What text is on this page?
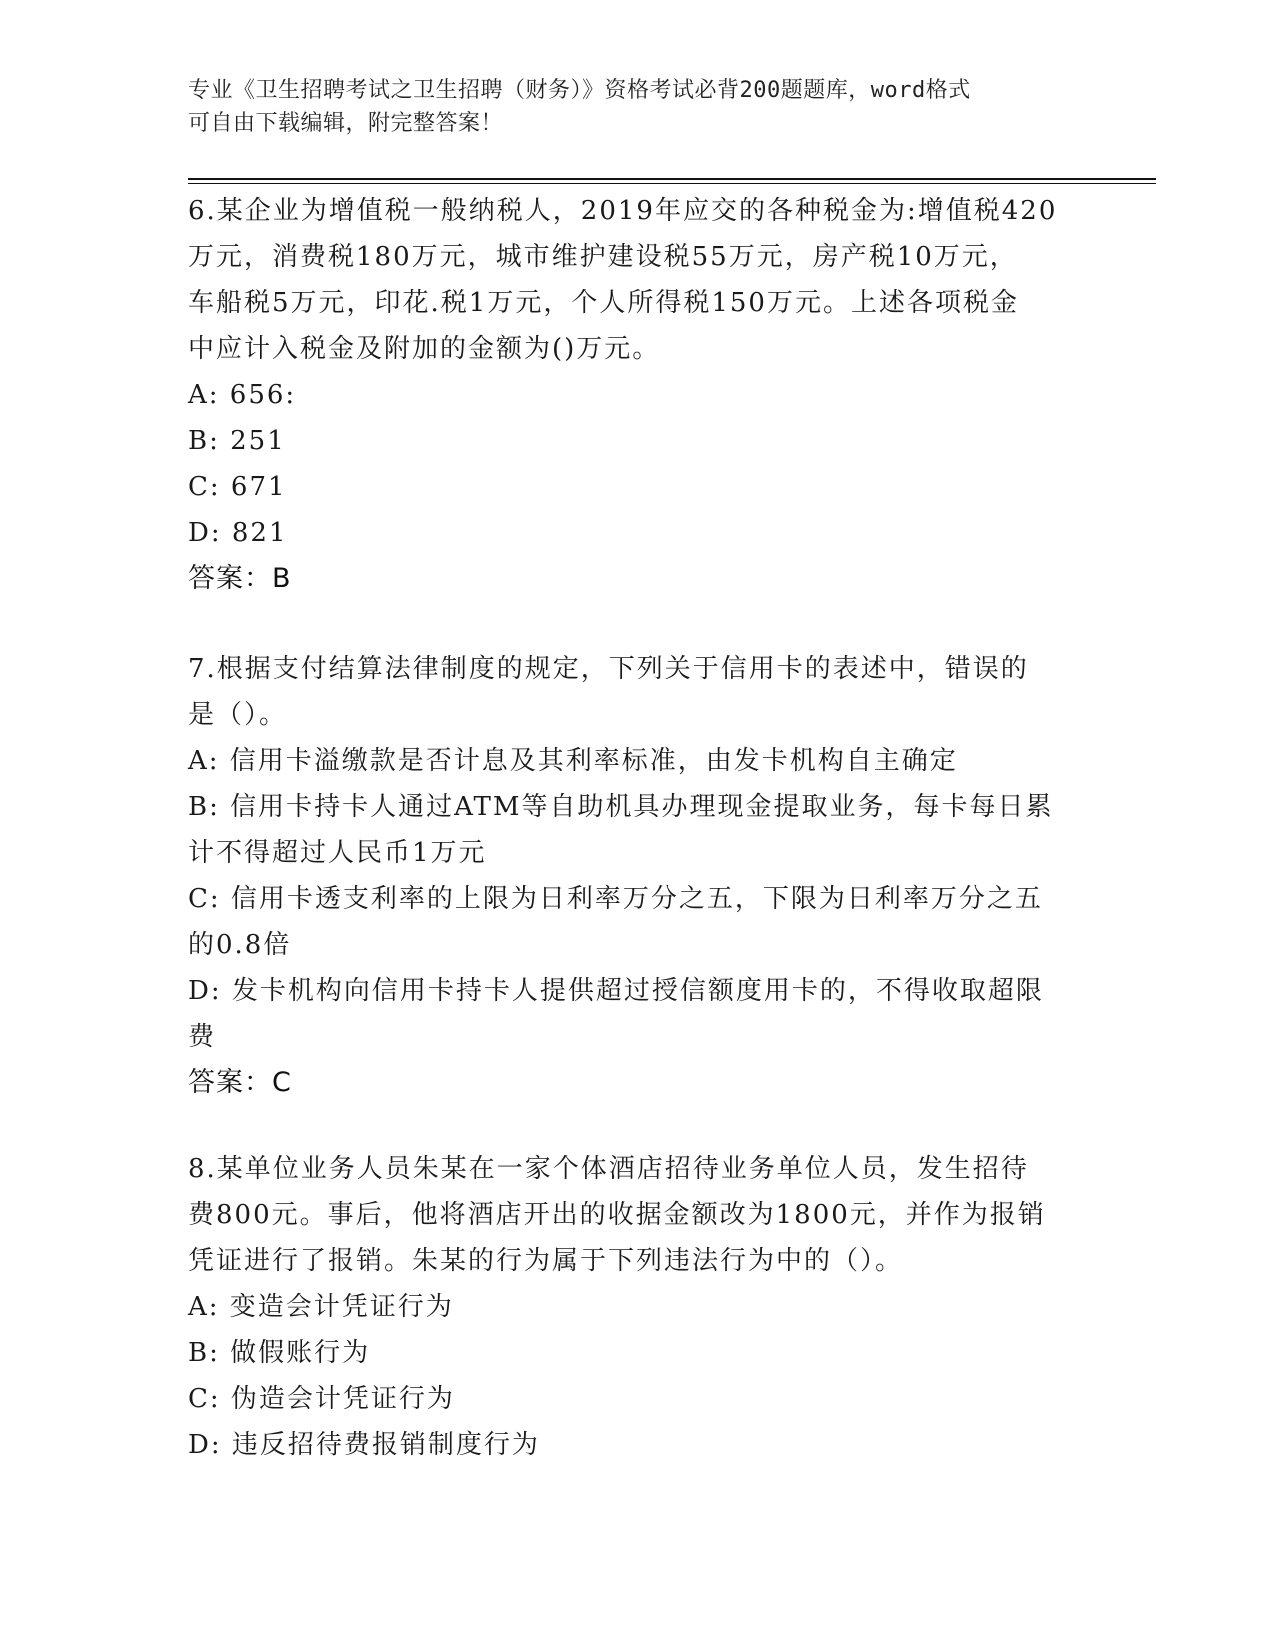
专业《卫生招聘考试之卫生招聘（财务）》资格考试必背200题题库，word格式
可自由下载编辑，附完整答案！
6.某企业为增值税一般纳税人，2019年应交的各种税金为:增值税420
万元，消费税180万元，城市维护建设税55万元，房产税10万元，
车船税5万元，印花.税1万元，个人所得税150万元。上述各项税金
中应计入税金及附加的金额为()万元。
A: 656:
B: 251
C: 671
D: 821
答案：B
7.根据支付结算法律制度的规定，下列关于信用卡的表述中，错误的
是（）。
A: 信用卡溢缴款是否计息及其利率标准，由发卡机构自主确定
B: 信用卡持卡人通过ATM等自助机具办理现金提取业务，每卡每日累
计不得超过人民币1万元
C: 信用卡透支利率的上限为日利率万分之五，下限为日利率万分之五
的0.8倍
D: 发卡机构向信用卡持卡人提供超过授信额度用卡的，不得收取超限
费
答案：C
8.某单位业务人员朱某在一家个体酒店招待业务单位人员，发生招待
费800元。事后，他将酒店开出的收据金额改为1800元，并作为报销
凭证进行了报销。朱某的行为属于下列违法行为中的（）。
A: 变造会计凭证行为
B: 做假账行为
C: 伪造会计凭证行为
D: 违反招待费报销制度行为
